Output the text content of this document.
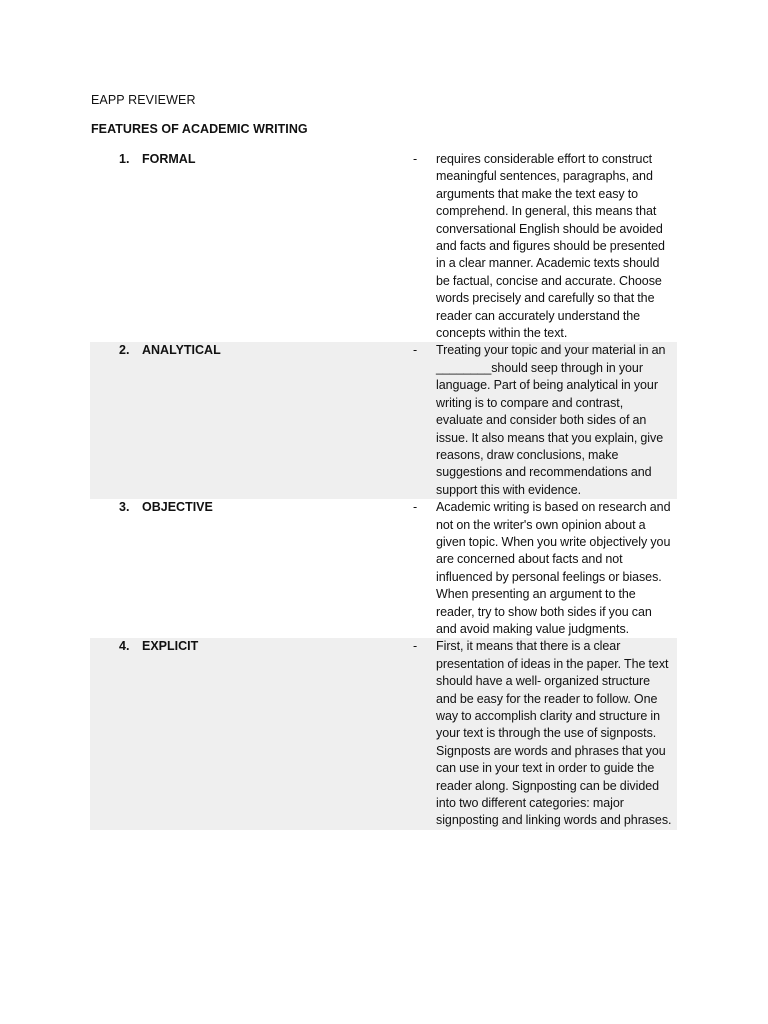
EAPP REVIEWER
FEATURES OF ACADEMIC WRITING
1. FORMAL	- requires considerable effort to construct meaningful sentences, paragraphs, and arguments that make the text easy to comprehend. In general, this means that conversational English should be avoided and facts and figures should be presented in a clear manner. Academic texts should be factual, concise and accurate. Choose words precisely and carefully so that the reader can accurately understand the concepts within the text.
2. ANALYTICAL	- Treating your topic and your material in an ________should seep through in your language. Part of being analytical in your writing is to compare and contrast, evaluate and consider both sides of an issue. It also means that you explain, give reasons, draw conclusions, make suggestions and recommendations and support this with evidence.
3. OBJECTIVE	- Academic writing is based on research and not on the writer's own opinion about a given topic. When you write objectively you are concerned about facts and not influenced by personal feelings or biases. When presenting an argument to the reader, try to show both sides if you can and avoid making value judgments.
4. EXPLICIT	- First, it means that there is a clear presentation of ideas in the paper. The text should have a well- organized structure and be easy for the reader to follow. One way to accomplish clarity and structure in your text is through the use of signposts. Signposts are words and phrases that you can use in your text in order to guide the reader along. Signposting can be divided into two different categories: major signposting and linking words and phrases.
